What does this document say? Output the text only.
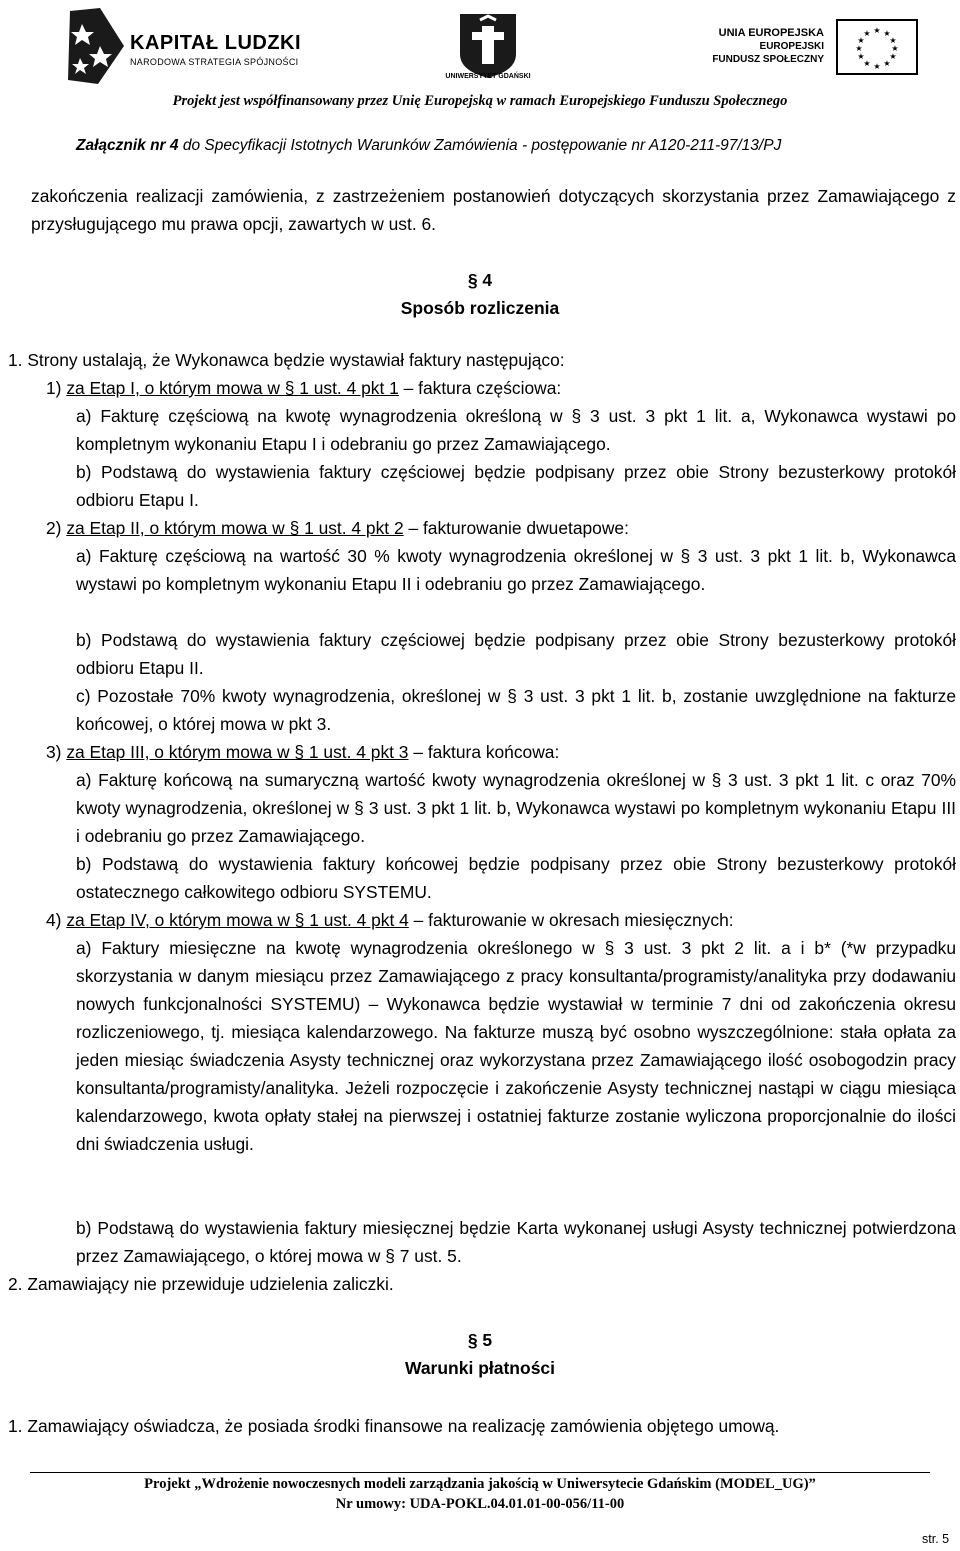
KAPITAŁ LUDZKI
NARODOWA STRATEGIA SPÓJNOŚCI
UNIWERSYTET GDAŃSKI
UNIA EUROPEJSKA
EUROPEJSKI
FUNDUSZ SPOŁECZNY
★ ★
★
★
★
★
★
★
★
★
★
★
Projekt jest współfinansowany przez Unię Europejską w ramach Europejskiego Funduszu Społecznego
Załącznik nr 4 do Specyfikacji Istotnych Warunków Zamówienia - postępowanie nr A120-211-97/13/PJ

zakończenia realizacji zamówienia, z zastrzeżeniem postanowień dotyczących skorzystania przez Zamawiającego z przysługującego mu prawa opcji, zawartych w ust. 6.

§ 4
Sposób rozliczenia

1. Strony ustalają, że Wykonawca będzie wystawiał faktury następująco:

1) za Etap I, o którym mowa w § 1 ust. 4 pkt 1 – faktura częściowa:

a) Fakturę częściową na kwotę wynagrodzenia określoną w § 3 ust. 3 pkt 1 lit. a, Wykonawca wystawi po kompletnym wykonaniu Etapu I i odebraniu go przez Zamawiającego.

b) Podstawą do wystawienia faktury częściowej będzie podpisany przez obie Strony bezusterkowy protokół odbioru Etapu I.

2) za Etap II, o którym mowa w § 1 ust. 4 pkt 2 – fakturowanie dwuetapowe:

a) Fakturę częściową na wartość 30 % kwoty wynagrodzenia określonej w § 3 ust. 3 pkt 1 lit. b, Wykonawca wystawi po kompletnym wykonaniu Etapu II i odebraniu go przez Zamawiającego.

b) Podstawą do wystawienia faktury częściowej będzie podpisany przez obie Strony bezusterkowy protokół odbioru Etapu II.

c) Pozostałe 70% kwoty wynagrodzenia, określonej w § 3 ust. 3 pkt 1 lit. b, zostanie uwzględnione na fakturze końcowej, o której mowa w pkt 3.

3) za Etap III, o którym mowa w § 1 ust. 4 pkt 3 – faktura końcowa:

a) Fakturę końcową na sumaryczną wartość kwoty wynagrodzenia określonej w § 3 ust. 3 pkt 1 lit. c oraz 70% kwoty wynagrodzenia, określonej w § 3 ust. 3 pkt 1 lit. b, Wykonawca wystawi po kompletnym wykonaniu Etapu III i odebraniu go przez Zamawiającego.

b) Podstawą do wystawienia faktury końcowej będzie podpisany przez obie Strony bezusterkowy protokół ostatecznego całkowitego odbioru SYSTEMU.

4) za Etap IV, o którym mowa w § 1 ust. 4 pkt 4 – fakturowanie w okresach miesięcznych:

a) Faktury miesięczne na kwotę wynagrodzenia określonego w § 3 ust. 3 pkt 2 lit. a i b* (*w przypadku skorzystania w danym miesiącu przez Zamawiającego z pracy konsultanta/programisty/analityka przy dodawaniu nowych funkcjonalności SYSTEMU) – Wykonawca będzie wystawiał w terminie 7 dni od zakończenia okresu rozliczeniowego, tj. miesiąca kalendarzowego. Na fakturze muszą być osobno wyszczególnione: stała opłata za jeden miesiąc świadczenia Asysty technicznej oraz wykorzystana przez Zamawiającego ilość osobogodzin pracy konsultanta/programisty/analityka. Jeżeli rozpoczęcie i zakończenie Asysty technicznej nastąpi w ciągu miesiąca kalendarzowego, kwota opłaty stałej na pierwszej i ostatniej fakturze zostanie wyliczona proporcjonalnie do ilości dni świadczenia usługi.

b) Podstawą do wystawienia faktury miesięcznej będzie Karta wykonanej usługi Asysty technicznej potwierdzona przez Zamawiającego, o której mowa w § 7 ust. 5.

2. Zamawiający nie przewiduje udzielenia zaliczki.

§ 5
Warunki płatności

1. Zamawiający oświadcza, że posiada środki finansowe na realizację zamówienia objętego umową.

Projekt „Wdrożenie nowoczesnych modeli zarządzania jakością w Uniwersytecie Gdańskim (MODEL_UG)”
Nr umowy: UDA-POKL.04.01.01-00-056/11-00
str. 5
